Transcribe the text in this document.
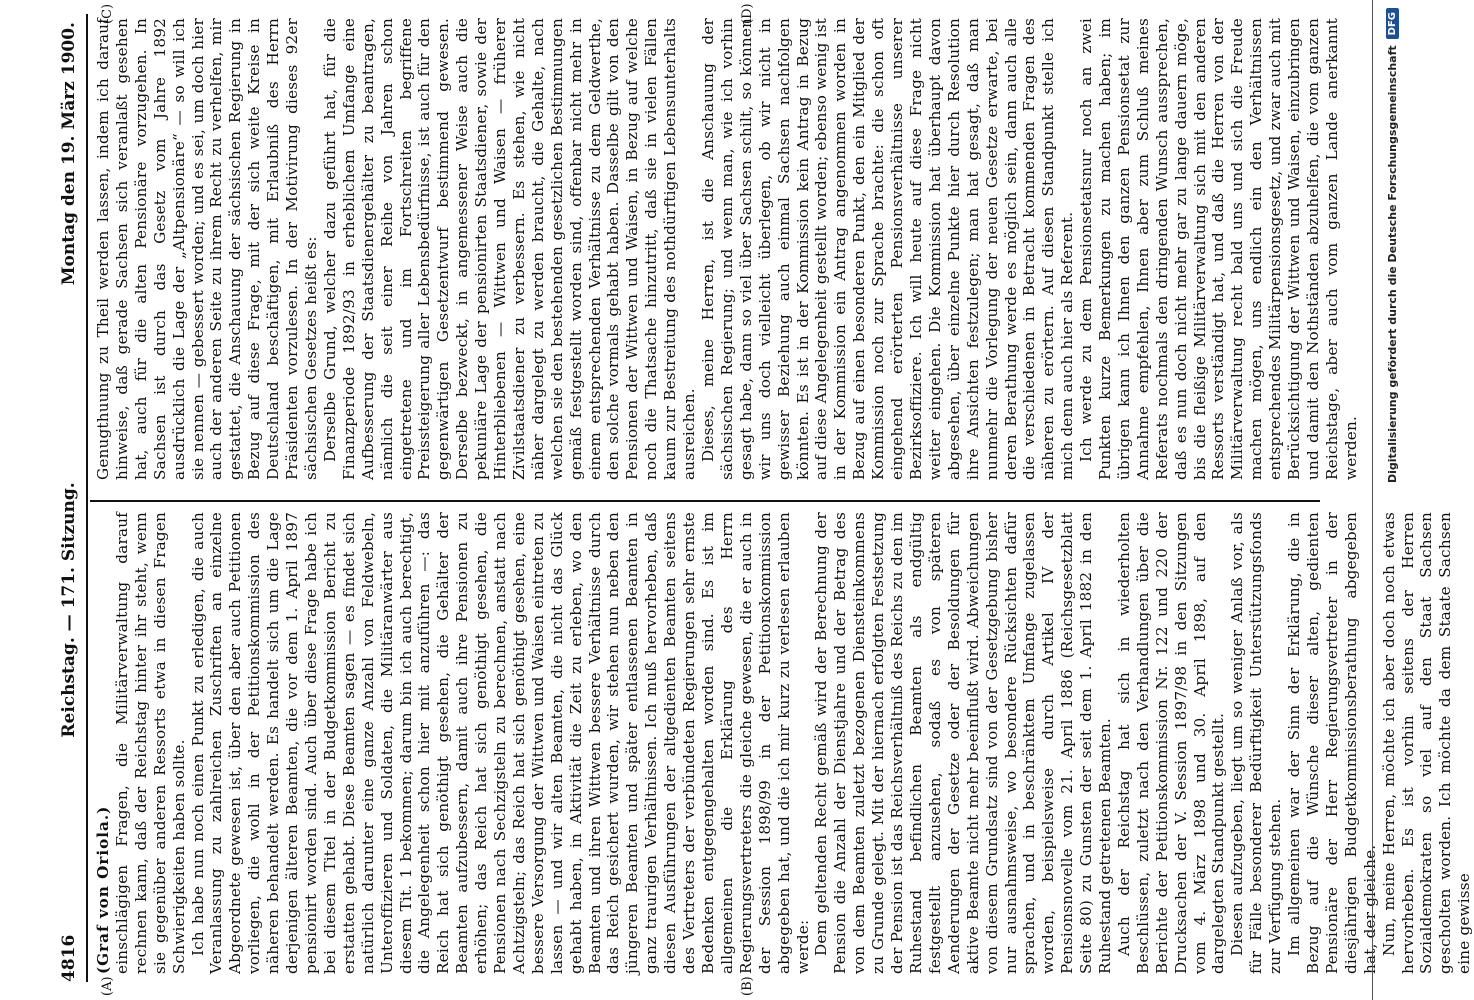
4816
Reichstag. — 171. Sitzung.
Montag den 19. März 1900.
(A)	(B)
(C)	(D)

(Graf von Oriola.) einschlägigen Fragen, die Militärverwaltung darauf rechnen kann, daß der Reichstag hinter ihr steht, wenn sie gegenüber anderen Ressorts etwa in diesen Fragen Schwierigkeiten haben sollte. Ich habe nun noch einen Punkt zu erledigen, die auch Veranlassung zu zahlreichen Zuschriften an einzelne Abgeordnete gewesen ist, über den aber auch Petitionen vorliegen, die wohl in der Petitionskommission des näheren behandelt werden. Es handelt sich um die Lage derjenigen älteren Beamten, die vor dem 1. April 1897 pensionirt worden sind. Auch über diese Frage habe ich bei diesem Titel in der Budgetkommission Bericht zu erstatten gehabt. Diese Beamten sagen — es findet sich natürlich darunter eine ganze Anzahl von Feldwebeln, Unteroffizieren und Soldaten, die Militäranwärter aus diesem Tit. 1 bekommen; darum bin ich auch berechtigt, die Angelegenheit schon hier mit anzuführen —: das Reich hat sich genöthigt gesehen, die Gehälter der Beamten aufzubessern, damit auch ihre Pensionen zu erhöhen; das Reich hat sich genöthigt gesehen, die Pensionen nach Sechzigsteln zu berechnen, anstatt nach Achtzigsteln; das Reich hat sich genöthigt gesehen, eine bessere Versorgung der Wittwen und Waisen eintreten zu lassen — und wir alten Beamten, die nicht das Glück gehabt haben, in Aktivität die Zeit zu erleben, wo den Beamten und ihren Wittwen bessere Verhältnisse durch das Reich gesichert wurden, wir stehen nun neben den jüngeren Beamten und später entlassenen Beamten in ganz traurigen Verhältnissen. Ich muß hervorheben, daß diesen Ausführungen der altgedienten Beamten seitens des Vertreters der verbündeten Regierungen sehr ernste Bedenken entgegengehalten worden sind. Es ist im allgemeinen die Erklärung des Herrn Regierungsvertreters die gleiche gewesen, die er auch in der Session 1898/99 in der Petitionskommission abgegeben hat, und die ich mir kurz zu verlesen erlauben werde: Dem geltenden Recht gemäß wird der Berechnung der Pension die Anzahl der Dienstjahre und der Betrag des von dem Beamten zuletzt bezogenen Diensteinkommens zu Grunde gelegt. Mit der hiernach erfolgten Festsetzung der Pension ist das Reichsverhältniß des Reichs zu den im Ruhestand befindlichen Beamten als endgültig festgestellt anzusehen, sodaß es von späteren Aenderungen der Gesetze oder der Besoldungen für aktive Beamte nicht mehr beeinflußt wird. Abweichungen von diesem Grundsatz sind von der Gesetzgebung bisher nur ausnahmsweise, wo besondere Rücksichten dafür sprachen, und in beschränktem Umfange zugelassen worden, beispielsweise durch Artikel IV der Pensionsnovelle vom 21. April 1886 (Reichsgesetzblatt Seite 80) zu Gunsten der seit dem 1. April 1882 in den Ruhestand getretenen Beamten. Auch der Reichstag hat sich in wiederholten Beschlüssen, zuletzt nach den Verhandlungen über die Berichte der Petitionskommission Nr. 122 und 220 der Drucksachen der V. Session 1897/98 in den Sitzungen vom 4. März 1898 und 30. April 1898, auf den dargelegten Standpunkt gestellt. Diesen aufzugeben, liegt um so weniger Anlaß vor, als für Fälle besonderer Bedürftigkeit Unterstützungsfonds zur Verfügung stehen. Im allgemeinen war der Sinn der Erklärung, die in Bezug auf die Wünsche dieser alten, gedienten Pensionäre der Herr Regierungsvertreter in der diesjährigen Budgetkommissionsberathung abgegeben hat, der gleiche. Nun, meine Herren, möchte ich aber doch noch etwas hervorheben. Es ist vorhin seitens der Herren Sozialdemokraten so viel auf den Staat Sachsen gescholten worden. Ich möchte da dem Staate Sachsen eine gewisse

Genugthuung zu Theil werden lassen, indem ich darauf hinweise, daß gerade Sachsen sich veranlaßt gesehen hat, auch für die alten Pensionäre vorzugehen. In Sachsen ist durch das Gesetz vom Jahre 1892 ausdrücklich die Lage der „Altpensionäre“ — so will ich sie nennen — gebessert worden; und es sei, um doch hier auch der anderen Seite zu ihrem Recht zu verhelfen, mir gestattet, die Anschauung der sächsischen Regierung in Bezug auf diese Frage, mit der sich weite Kreise in Deutschland beschäftigen, mit Erlaubniß des Herrn Präsidenten vorzulesen. In der Motivirung dieses 92er sächsischen Gesetzes heißt es: Derselbe Grund, welcher dazu geführt hat, für die Finanzperiode 1892/93 in erheblichem Umfange eine Aufbesserung der Staatsdienergehälter zu beantragen, nämlich die seit einer Reihe von Jahren schon eingetretene und im Fortschreiten begriffene Preissteigerung aller Lebensbedürfnisse, ist auch für den gegenwärtigen Gesetzentwurf bestimmend gewesen. Derselbe bezweckt, in angemessener Weise auch die pekuniäre Lage der pensionirten Staatsdiener, sowie der Hinterbliebenen — Wittwen und Waisen — früherer Zivilstaatsdiener zu verbessern. Es stehen, wie nicht näher dargelegt zu werden braucht, die Gehalte, nach welchen sie den bestehenden gesetzlichen Bestimmungen gemäß festgestellt worden sind, offenbar nicht mehr in einem entsprechenden Verhältnisse zu dem Geldwerthe, den solche vormals gehabt haben. Dasselbe gilt von den Pensionen der Wittwen und Waisen, in Bezug auf welche noch die Thatsache hinzutritt, daß sie in vielen Fällen kaum zur Bestreitung des nothdürftigen Lebensunterhalts ausreichen. Dieses, meine Herren, ist die Anschauung der sächsischen Regierung; und wenn man, wie ich vorhin gesagt habe, dann so viel über Sachsen schilt, so können wir uns doch vielleicht überlegen, ob wir nicht in gewisser Beziehung auch einmal Sachsen nachfolgen könnten. Es ist in der Kommission kein Antrag in Bezug auf diese Angelegenheit gestellt worden; ebenso wenig ist in der Kommission ein Antrag angenommen worden in Bezug auf einen besonderen Punkt, den ein Mitglied der Kommission noch zur Sprache brachte: die schon oft eingehend erörterten Pensionsverhältnisse unserer Bezirksoffiziere. Ich will heute auf diese Frage nicht weiter eingehen. Die Kommission hat überhaupt davon abgesehen, über einzelne Punkte hier durch Resolution ihre Ansichten festzulegen; man hat gesagt, daß man nunmehr die Vorlegung der neuen Gesetze erwarte, bei deren Berathung werde es möglich sein, dann auch alle die verschiedenen in Betracht kommenden Fragen des näheren zu erörtern. Auf diesen Standpunkt stelle ich mich denn auch hier als Referent. Ich werde zu dem Pensionsetatsnur noch an zwei Punkten kurze Bemerkungen zu machen haben; im übrigen kann ich Ihnen den ganzen Pensionsetat zur Annahme empfehlen, Ihnen aber zum Schluß meines Referats nochmals den dringenden Wunsch aussprechen, daß es nun doch nicht mehr gar zu lange dauern möge, bis die fleißige Militärverwaltung sich mit den anderen Ressorts verständigt hat, und daß die Herren von der Militärverwaltung recht bald uns und sich die Freude machen mögen, uns endlich ein den Verhältnissen entsprechendes Militärpensionsgesetz, und zwar auch mit Berücksichtigung der Wittwen und Waisen, einzubringen und damit den Nothständen abzuhelfen, die vom ganzen Reichstage, aber auch vom ganzen Lande anerkannt werden. Digitalisierung gefördert durch die Deutsche Forschungsgemeinschaft
DFG
